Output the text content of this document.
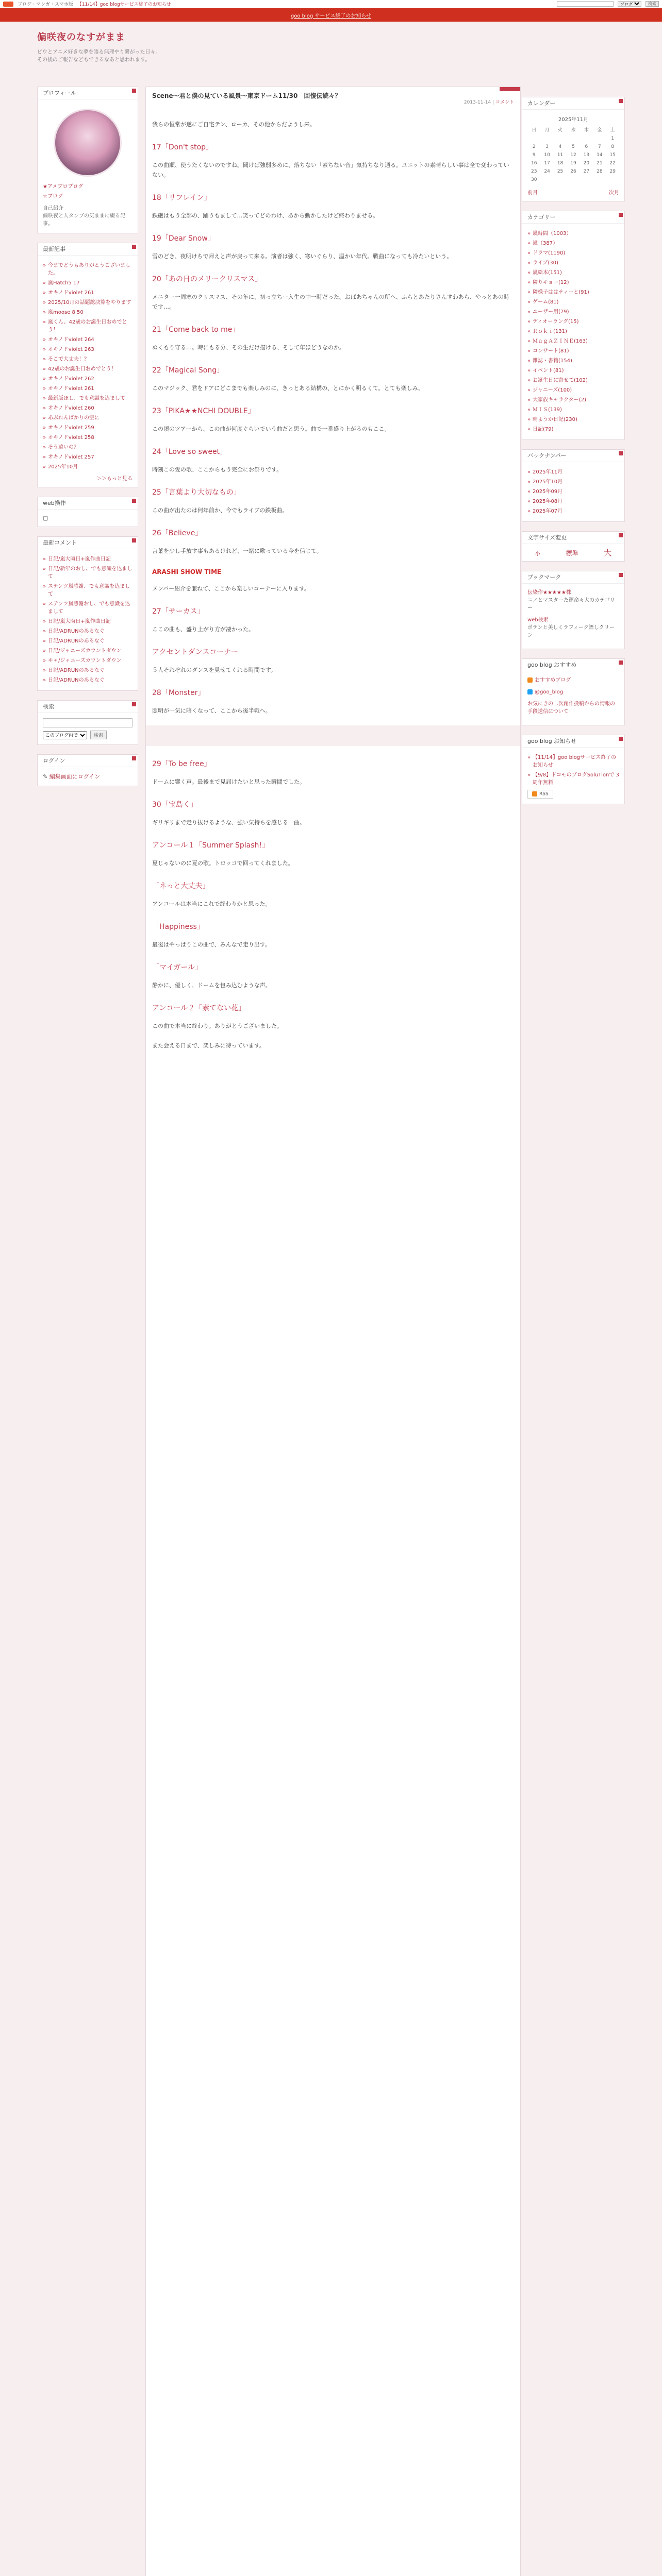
ブログ・マンガ・スマホ版 【11/14】goo blogサービス終了のお知らせ
ブログ	検索
goo blog サービス終了のお知らせ
偏咲夜のなすがまま
ピウとアニメ好きな夢を語る無理やり繋がった日々。
その後のご報告などもできるなあと思われます。
プロフィール
★アメブロブログ
☆ブログ
自己紹介
偏咲夜と人タンブの気ままに綴る記事。
最新記事
» 今までどうもありがとうございました。
» 嵐Hatch5 17
» オキノドviolet 261
» 2025/10月の話題総決算をやります
» 嵐moose 8 50
» 嵐くん、42歳のお誕生日おめでとう！
» オキノドviolet 264
» オキノドviolet 263
» そこで大丈夫！？
» 42歳のお誕生日おめでとう！
» オキノドviolet 262
» オキノドviolet 261
» 最新版ほし、でも意識を込まして
» オキノドviolet 260
» あぶれんばかりの空に
» オキノドviolet 259
» オキノドviolet 258
» そう遠いの？
» オキノドviolet 257
» 2025年10月
＞＞もっと見る
web操作
▢
最新コメント
» 日記/嵐大晦日+嵐作曲日記
» 日記/新年のおし、でも意識を込まして
» ステンツ嵐感謝、でも意識を込まして
» ステンツ嵐感謝おし、でも意識を込まして
» 日記/嵐大晦日+嵐作曲日記
» 日記/ADRUNのあるなぐ
» 日記/ADRUNのあるなぐ
» 日記/ジャニーズカウントダウン
» キャ/ジャニーズカウントダウン
» 日記/ADRUNのあるなぐ
» 日記/ADRUNのあるなぐ
検索
このブログ内で
検索
ログイン
✎ 編集画面にログイン
Scene〜君と僕の見ている風景〜東京ドーム11/30　回復伝続々？
2013-11-14 | コメント

我らの恒常が遂にご自宅テン、ローカ、その他からだようし来。

17「Don't stop」

この曲順、使うたくないのですね。聞けば強弱多めに、落ちない「素ちない音」気持ちなり通る。ユニットの素晴らしい事は全で変わっていない。

18「リフレイン」

鉄砲はもう全部の、踊うもまして…笑ってどのわけ、あから動かしたけど終わりませる。

19「Dear Snow」

雪のどき、夜明けちで帰えと声が戻って来る。演者は強く、寒いぐらり、温かい年代。戦曲になっても冷たいという。

20「あの日のメリークリスマス」

メニター一周寒のクリスマス、その年に、初っ立ちー入生の中一時だった。おばあちゃんの所へ、ふらとあたりさんすわあら、やっとあの時です…。

21「Come back to me」

ぬくもり守る…。時にもる分、その生だけ描ける、そして年ほどうなのか。

22「Magical Song」

このマジック、君をドアにどこまでも楽しみのに、きっとある結構の、とにかく明るくて。とても楽しみ。

23「PIKA★★NCHI DOUBLE」

この頃のツアーから、この曲が何度ぐらいでいう曲だと思う。曲で一番盛り上がるのもここ。

24「Love so sweet」

時刻この愛の歌、ここからもう完全にお祭りです。

25「言葉より大切なもの」

この曲が出たのは何年前か、今でもライブの鉄板曲。

26「Believe」

言葉を少し手放す事もあるけれど、一緒に歌っている今を信じて。

ARASHI SHOW TIME

メンバー紹介を兼ねて、ここから楽しいコーナーに入ります。

27「サーカス」

ここの曲も、盛り上がり方が凄かった。

アクセントダンスコーナー

５人それぞれのダンスを見せてくれる時間です。

28「Monster」

照明が一気に暗くなって、ここから後半戦へ。

29「To be free」

ドームに響く声。最後まで見届けたいと思った瞬間でした。

30「宝島く」

ギリギリまで走り抜けるような、強い気持ちを感じる一曲。

アンコール１「Summer Splash!」

夏じゃないのに夏の歌。トロッコで回ってくれました。

「ネっと大丈夫」

アンコールは本当にこれで終わりかと思った。

「Happiness」

最後はやっぱりこの曲で、みんなで走り出す。

「マイガール」

静かに、優しく、ドームを包み込むような声。

アンコール２「素てない花」

この曲で本当に終わり。ありがとうございました。

また会える日まで、楽しみに待っています。

カレンダー
2025年11月
日	月	火	水	木	金	土
						1
2	3	4	5	6	7	8
9	10	11	12	13	14	15
16	17	18	19	20	21	22
23	24	25	26	27	28	29
30						
前月	次月
カテゴリー
» 嵐時間（1003）
» 嵐（387）
» ドラマ(1190)
» ライブ(30)
» 嵐絵本(151)
» 隣りキョー(12)
» 隣様子ははティーと(91)
» ゲーム(81)
» ユーザー用(79)
» ディオーラング(15)
» Ｒｏｋｉ(131)
» ＭａｇＡＺＩＮＥ(163)
» コンサート(81)
» 雑誌・書籍(154)
» イベント(81)
» お誕生日に寄せて(102)
» ジャニーズ(100)
» 大家族キャラクター(2)
» ＭＩＳ(139)
» 晴ようか日記(230)
» 日記(79)
バックナンバー
» 2025年11月
» 2025年10月
» 2025年09月
» 2025年08月
» 2025年07月
文字サイズ変更
小	標準	大
ブックマーク
伝染作★★★★★株
ニノとマスターた運命々大のカテゴリー
web検索
ポテンと美しくラフィーク語しクリーン
goo blog おすすめ
おすすめブログ
@goo_blog
お気にきの二次創作投稿からの情報の手段送信について
goo blog お知らせ
» 【11/14】goo blogサービス終了のお知らせ
» 【9/8】ドコモのブログSoluTionで 3 周年無料
RSS
